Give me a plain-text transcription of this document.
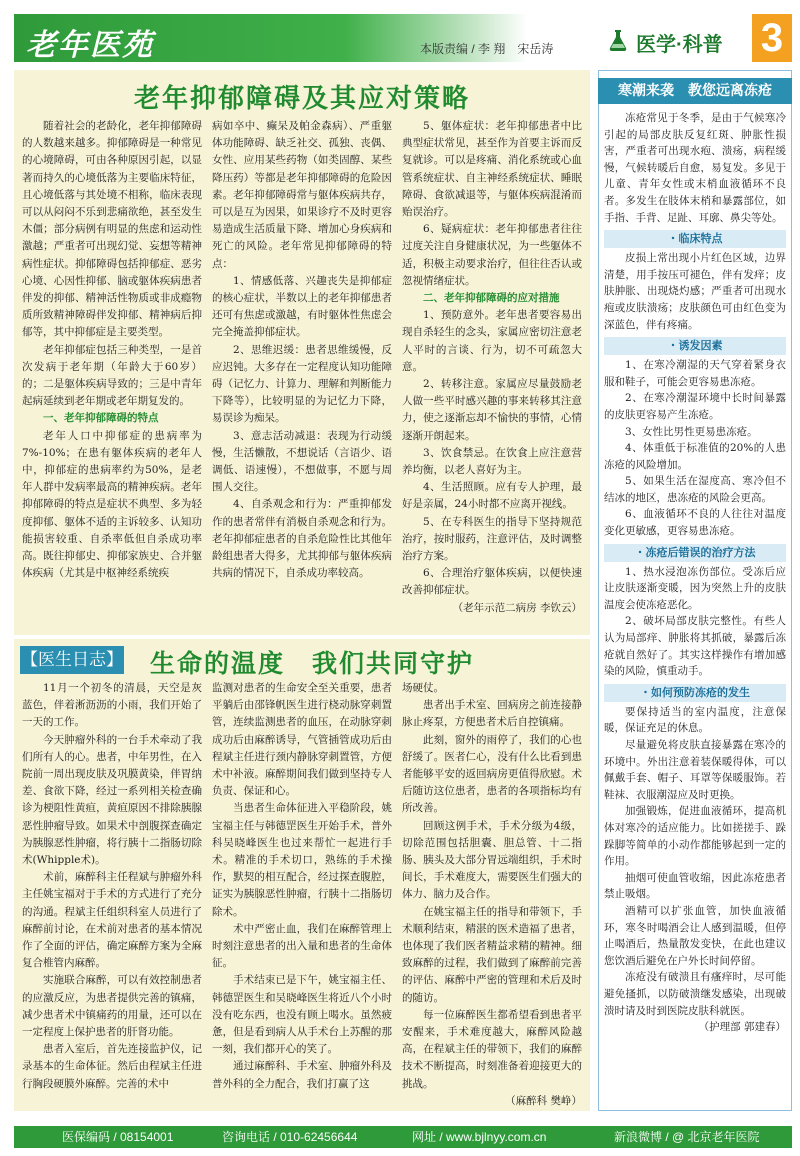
老年医苑	本版责编 / 李 翔　宋岳涛	医学·科普 3
老年抑郁障碍及其应对策略

随着社会的老龄化，老年抑郁障碍的人数越来越多。抑郁障碍是一种常见的心境障碍，可由各种原因引起，以显著而持久的心境低落为主要临床特征，且心境低落与其处境不相称，临床表现可以从闷闷不乐到悲痛欲绝，甚至发生木僵；部分病例有明显的焦虑和运动性激越；严重者可出现幻觉、妄想等精神病性症状。抑郁障碍包括抑郁症、恶劣心境、心因性抑郁、脑或躯体疾病患者伴发的抑郁、精神活性物质或非成瘾物质所致精神障碍伴发抑郁、精神病后抑郁等，其中抑郁症是主要类型。

老年抑郁症包括三种类型，一是首次发病于老年期（年龄大于60岁）的；二是躯体疾病导致的；三是中青年起病延续到老年期或老年期复发的。

一、老年抑郁障碍的特点

老年人口中抑郁症的患病率为7%-10%；在患有躯体疾病的老年人中，抑郁症的患病率约为50%，是老年人群中发病率最高的精神疾病。老年抑郁障碍的特点是症状不典型、多为轻度抑郁、躯体不适的主诉较多、认知功能损害较重、自杀率低但自杀成功率高。既往抑郁史、抑郁家族史、合并躯体疾病（尤其是中枢神经系统疾

病如卒中、癫呆及帕金森病）、严重躯体功能障碍、缺乏社交、孤独、丧偶、女性、应用某些药物（如类固醇、某些降压药）等都是老年抑郁障碍的危险因素。老年抑郁障碍常与躯体疾病共存，可以是互为因果，如果诊疗不及时更容易造成生活质量下降、增加心身疾病和死亡的风险。老年常见抑郁障碍的特点：

1、情感低落、兴趣丧失是抑郁症的核心症状，半数以上的老年抑郁患者还可有焦虑或激越，有时躯体性焦虑会完全掩盖抑郁症状。

2、思维迟缓：患者思维缓慢，反应迟钝。大多存在一定程度认知功能障碍（记忆力、计算力、理解和判断能力下降等），比较明显的为记忆力下降，易误诊为痴呆。

3、意志活动减退：表现为行动缓慢，生活懒散，不想说话（言语少、语调低、语速慢），不想做事，不愿与周围人交往。

4、自杀观念和行为：严重抑郁发作的患者常伴有消极自杀观念和行为。老年抑郁症患者的自杀危险性比其他年龄组患者大得多，尤其抑郁与躯体疾病共病的情况下，自杀成功率较高。

5、躯体症状：老年抑郁患者中比典型症状常见，甚至作为首要主诉而反复就诊。可以是疼痛、消化系统或心血管系统症状、自主神经系统症状、睡眠障碍、食欲减退等，与躯体疾病混淆而贻误治疗。

6、疑病症状：老年抑郁患者往往过度关注自身健康状况，为一些躯体不适，积极主动要求治疗，但往往否认或忽视情绪症状。

二、老年抑郁障碍的应对措施

1、预防意外。老年患者要容易出现自杀轻生的念头，家属应密切注意老人平时的言谈、行为，切不可疏忽大意。

2、转移注意。家属应尽量鼓励老人做一些平时感兴趣的事来转移其注意力，使之逐渐忘却不愉快的事情，心情逐渐开朗起来。

3、饮食禁忌。在饮食上应注意营养均衡，以老人喜好为主。

4、生活照顾。应有专人护理，最好是亲属，24小时都不应离开视线。

5、在专科医生的指导下坚持规范治疗，按时服药，注意评估，及时调整治疗方案。

6、合理治疗躯体疾病，以便快速改善抑郁症状。

（老年示范二病房 李钦云）

【医生日志】 生命的温度　我们共同守护

11月一个初冬的清晨，天空是灰蓝色，伴着淅沥沥的小雨，我们开始了一天的工作。

今天肿瘤外科的一台手术牵动了我们所有人的心。患者，中年男性，在入院前一周出现皮肤及巩膜黄染，伴胃纳差、食欲下降，经过一系列相关检查确诊为梗阻性黄疸，黄疸原因不排除胰腺恶性肿瘤导致。如果术中剖腹探查确定为胰腺恶性肿瘤，将行胰十二指肠切除术(Whipple术)。

术前，麻醉科主任程斌与肿瘤外科主任姚宝福对于手术的方式进行了充分的沟通。程斌主任组织科室人员进行了麻醉前讨论，在术前对患者的基本情况作了全面的评估，确定麻醉方案为全麻复合椎管内麻醉。

实施联合麻醉，可以有效控制患者的应激反应，为患者提供完善的镇痛，减少患者术中镇痛药的用量，还可以在一定程度上保护患者的肝肾功能。

患者入室后，首先连接监护仪，记录基本的生命体征。然后由程斌主任进行胸段硬膜外麻醉。完善的术中

监测对患者的生命安全至关重要，患者平躺后由邵锋帆医生进行桡动脉穿刺置管，连续监测患者的血压，在动脉穿刺成功后由麻醉诱导，气管插管成功后由程斌主任进行颈内静脉穿刺置管，方便术中补液。麻醉期间我们做到坚持专人负责、保证和心。

当患者生命体征进入平稳阶段，姚宝福主任与韩德罡医生开始手术，普外科吴晓峰医生也过来帮忙一起进行手术。精准的手术切口，熟练的手术操作，默契的相互配合，经过探查腹腔，证实为胰腺恶性肿瘤，行胰十二指肠切除术。

术中严密止血，我们在麻醉管理上时刻注意患者的出入量和患者的生命体征。

手术结束已是下午，姚宝福主任、韩德罡医生和吴晓峰医生将近八个小时没有吃东西，也没有顾上喝水。虽然疲惫，但是看到病人从手术台上苏醒的那一刻，我们都开心的笑了。

通过麻醉科、手术室、肿瘤外科及普外科的全力配合，我们打赢了这

场硬仗。

患者出手术室、回病房之前连接静脉止疼泵，方便患者术后自控镇痛。

此刻，窗外的雨停了，我们的心也舒缓了。医者仁心，没有什么比看到患者能够平安的返回病房更值得欣慰。术后随访这位患者，患者的各项指标均有所改善。

回顾这例手术，手术分级为4级，切除范围包括胆囊、胆总管、十二指肠、胰头及大部分胃远端组织，手术时间长，手术难度大，需要医生们强大的体力、脑力及合作。

在姚宝福主任的指导和带领下，手术顺利结束，精湛的医术造福了患者，也体现了我们医者精益求精的精神。细致麻醉的过程，我们做到了麻醉前完善的评估、麻醉中严密的管理和术后及时的随访。

每一位麻醉医生都希望看到患者平安醒来，手术难度越大，麻醉风险越高，在程斌主任的带领下，我们的麻醉技术不断提高，时刻准备着迎接更大的挑战。

（麻醉科 樊峥）

寒潮来袭　教您远离冻疮

冻疮常见于冬季，是由于气候寒冷引起的局部皮肤反复红斑、肿胀性损害，严重者可出现水疱、溃疡，病程缓慢，气候转暖后自愈，易复发。多见于儿童、青年女性或末梢血液循环不良者。多发生在肢体末梢和暴露部位，如手指、手背、足趾、耳廓、鼻尖等处。

・临床特点

皮损上常出现小片红色区域，边界清楚，用手按压可褪色，伴有发痒；皮肤肿胀、出现烧灼感；严重者可出现水疱或皮肤溃疡；皮肤颜色可由红色变为深蓝色，伴有疼痛。

・诱发因素

1、在寒冷潮湿的天气穿着紧身衣服和鞋子，可能会更容易患冻疮。

2、在寒冷潮湿环境中长时间暴露的皮肤更容易产生冻疮。

3、女性比男性更易患冻疮。

4、体重低于标准值的20%的人患冻疮的风险增加。

5、如果生活在湿度高、寒冷但不结冰的地区，患冻疮的风险会更高。

6、血液循环不良的人往往对温度变化更敏感，更容易患冻疮。

・冻疮后错误的治疗方法

1、热水浸泡冻伤部位。受冻后应让皮肤逐渐变暖，因为突然上升的皮肤温度会使冻疮恶化。

2、破坏局部皮肤完整性。有些人认为局部痒、肿胀将其抓破，暴露后冻疮就自然好了。其实这样操作有增加感染的风险，慎重动手。

・如何预防冻疮的发生

要保持适当的室内温度，注意保暖，保证充足的休息。

尽量避免将皮肤直接暴露在寒冷的环境中。外出注意着装保暖得体，可以佩戴手套、帽子、耳罩等保暖服饰。若鞋袜、衣服潮湿应及时更换。

加强锻炼，促进血液循环，提高机体对寒冷的适应能力。比如搓搓手、跺跺脚等简单的小动作都能够起到一定的作用。

抽烟可使血管收缩，因此冻疮患者禁止吸烟。

酒精可以扩张血管，加快血液循环，寒冬时喝酒会让人感到温暖，但停止喝酒后，热量散发变快，在此也建议您饮酒后避免在户外长时间停留。

冻疮没有破溃且有瘙痒时，尽可能避免搔抓，以防破溃继发感染，出现破溃时请及时到医院皮肤科就医。

（护理部 郭建春）

医保编码 / 08154001	咨询电话 / 010-62456644	网址 / www.bjlnyy.com.cn	新浪微博 / @ 北京老年医院
